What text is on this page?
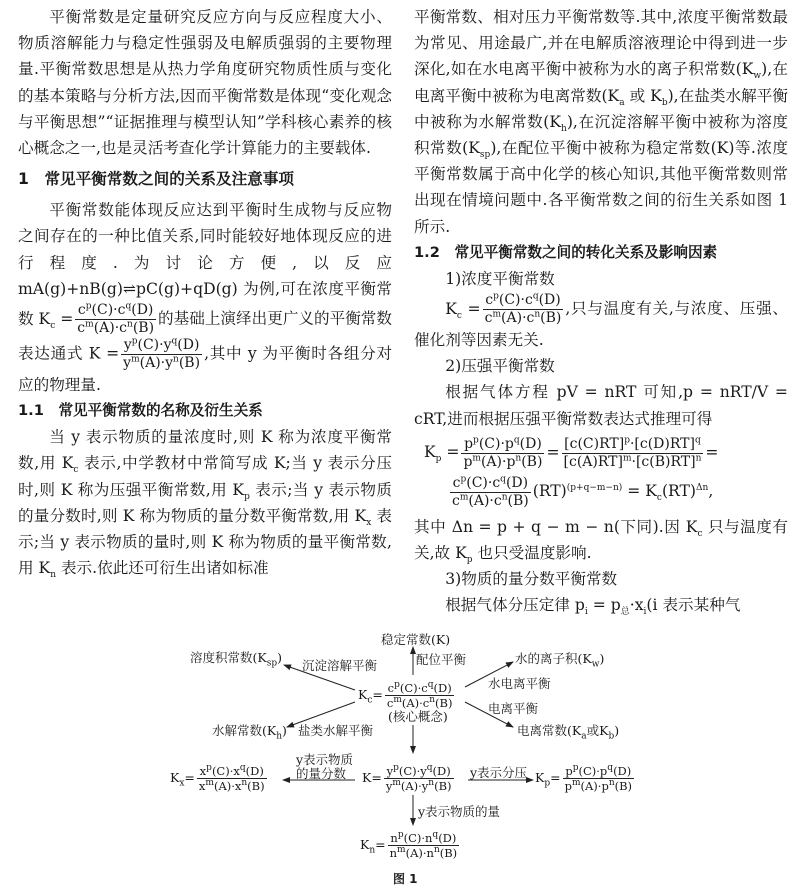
平衡常数是定量研究反应方向与反应程度大小、物质溶解能力与稳定性强弱及电解质强弱的主要物理量.平衡常数思想是从热力学角度研究物质性质与变化的基本策略与分析方法,因而平衡常数是体现“变化观念与平衡思想”“证据推理与模型认知”学科核心素养的核心概念之一,也是灵活考查化学计算能力的主要载体.

1　常见平衡常数之间的关系及注意事项

平衡常数能体现反应达到平衡时生成物与反应物之间存在的一种比值关系,同时能较好地体现反应的进行程度.为讨论方便,以反应 mA(g)+nB(g)⇌pC(g)+qD(g) 为例,可在浓度平衡常数 $K_c = \frac{c^p(C)\cdot c^q(D)}{c^m(A)\cdot c^n(B)}$ 的基础上演绎出更广义的平衡常数表达通式 $K = \frac{y^p(C)\cdot y^q(D)}{y^m(A)\cdot y^n(B)}$ ,其中 y 为平衡时各组分对应的物理量.

1.1　常见平衡常数的名称及衍生关系

当 y 表示物质的量浓度时,则 K 称为浓度平衡常数,用 $K_c$ 表示,中学教材中常简写成 K;当 y 表示分压时,则 K 称为压强平衡常数,用 $K_p$ 表示;当 y 表示物质的量分数时,则 K 称为物质的量分数平衡常数,用 $K_x$ 表示;当 y 表示物质的量时,则 K 称为物质的量平衡常数,用 $K_n$ 表示.依此还可衍生出诸如标准

平衡常数、相对压力平衡常数等.其中,浓度平衡常数最为常见、用途最广,并在电解质溶液理论中得到进一步深化,如在水电离平衡中被称为水的离子积常数$(K_w)$,在电离平衡中被称为电离常数($K_a$ 或 $K_b$),在盐类水解平衡中被称为水解常数$(K_h)$,在沉淀溶解平衡中被称为溶度积常数$(K_{sp})$,在配位平衡中被称为稳定常数(K)等.浓度平衡常数属于高中化学的核心知识,其他平衡常数则常出现在情境问题中.各平衡常数之间的衍生关系如图 1 所示.

1.2　常见平衡常数之间的转化关系及影响因素

1)浓度平衡常数

$K_c = \frac{c^p(C)\cdot c^q(D)}{c^m(A)\cdot c^n(B)}$ ,只与温度有关,与浓度、压强、催化剂等因素无关.

2)压强平衡常数

根据气体方程 pV = nRT 可知,p = nRT/V = cRT,进而根据压强平衡常数表达式推理可得

$K_p = \frac{p^p(C)\cdot p^q(D)}{p^m(A)\cdot p^n(B)} = \frac{[c(C)RT]^p\cdot[c(D)RT]^q}{[c(A)RT]^m\cdot[c(B)RT]^n}$ =
$\frac{c^p(C)\cdot c^q(D)}{c^m(A)\cdot c^n(B)} (RT)^{(p+q-m-n)} = K_c(RT)^{\Delta n}$,

其中 Δn = p + q − m − n(下同).因 $K_c$ 只与温度有关,故 $K_p$ 也只受温度影响.

3)物质的量分数平衡常数

根据气体分压定律 $p_i = p_总\cdot x_i(i$ 表示某种气

稳定常数(K)
配位平衡
溶度积常数$(K_{sp})$
沉淀溶解平衡	水的离子积$(K_w)$
水电离平衡
电离平衡
电离常数($K_a$或$K_b$)
水解常数$(K_h)$ 盐类水解平衡
$K_c= \frac{c^p(C)\cdot c^q(D)}{c^m(A)\cdot c^n(B)}$
(核心概念)
$K= \frac{y^p(C)\cdot y^q(D)}{y^m(A)\cdot y^n(B)}$
y表示物质
的量分数
$K_x= \frac{x^p(C)\cdot x^q(D)}{x^m(A)\cdot x^n(B)}$	y表示分压 $K_p= \frac{p^p(C)\cdot p^q(D)}{p^m(A)\cdot p^n(B)}$
y表示物质的量
$K_n= \frac{n^p(C)\cdot n^q(D)}{n^m(A)\cdot n^n(B)}$
图 1
